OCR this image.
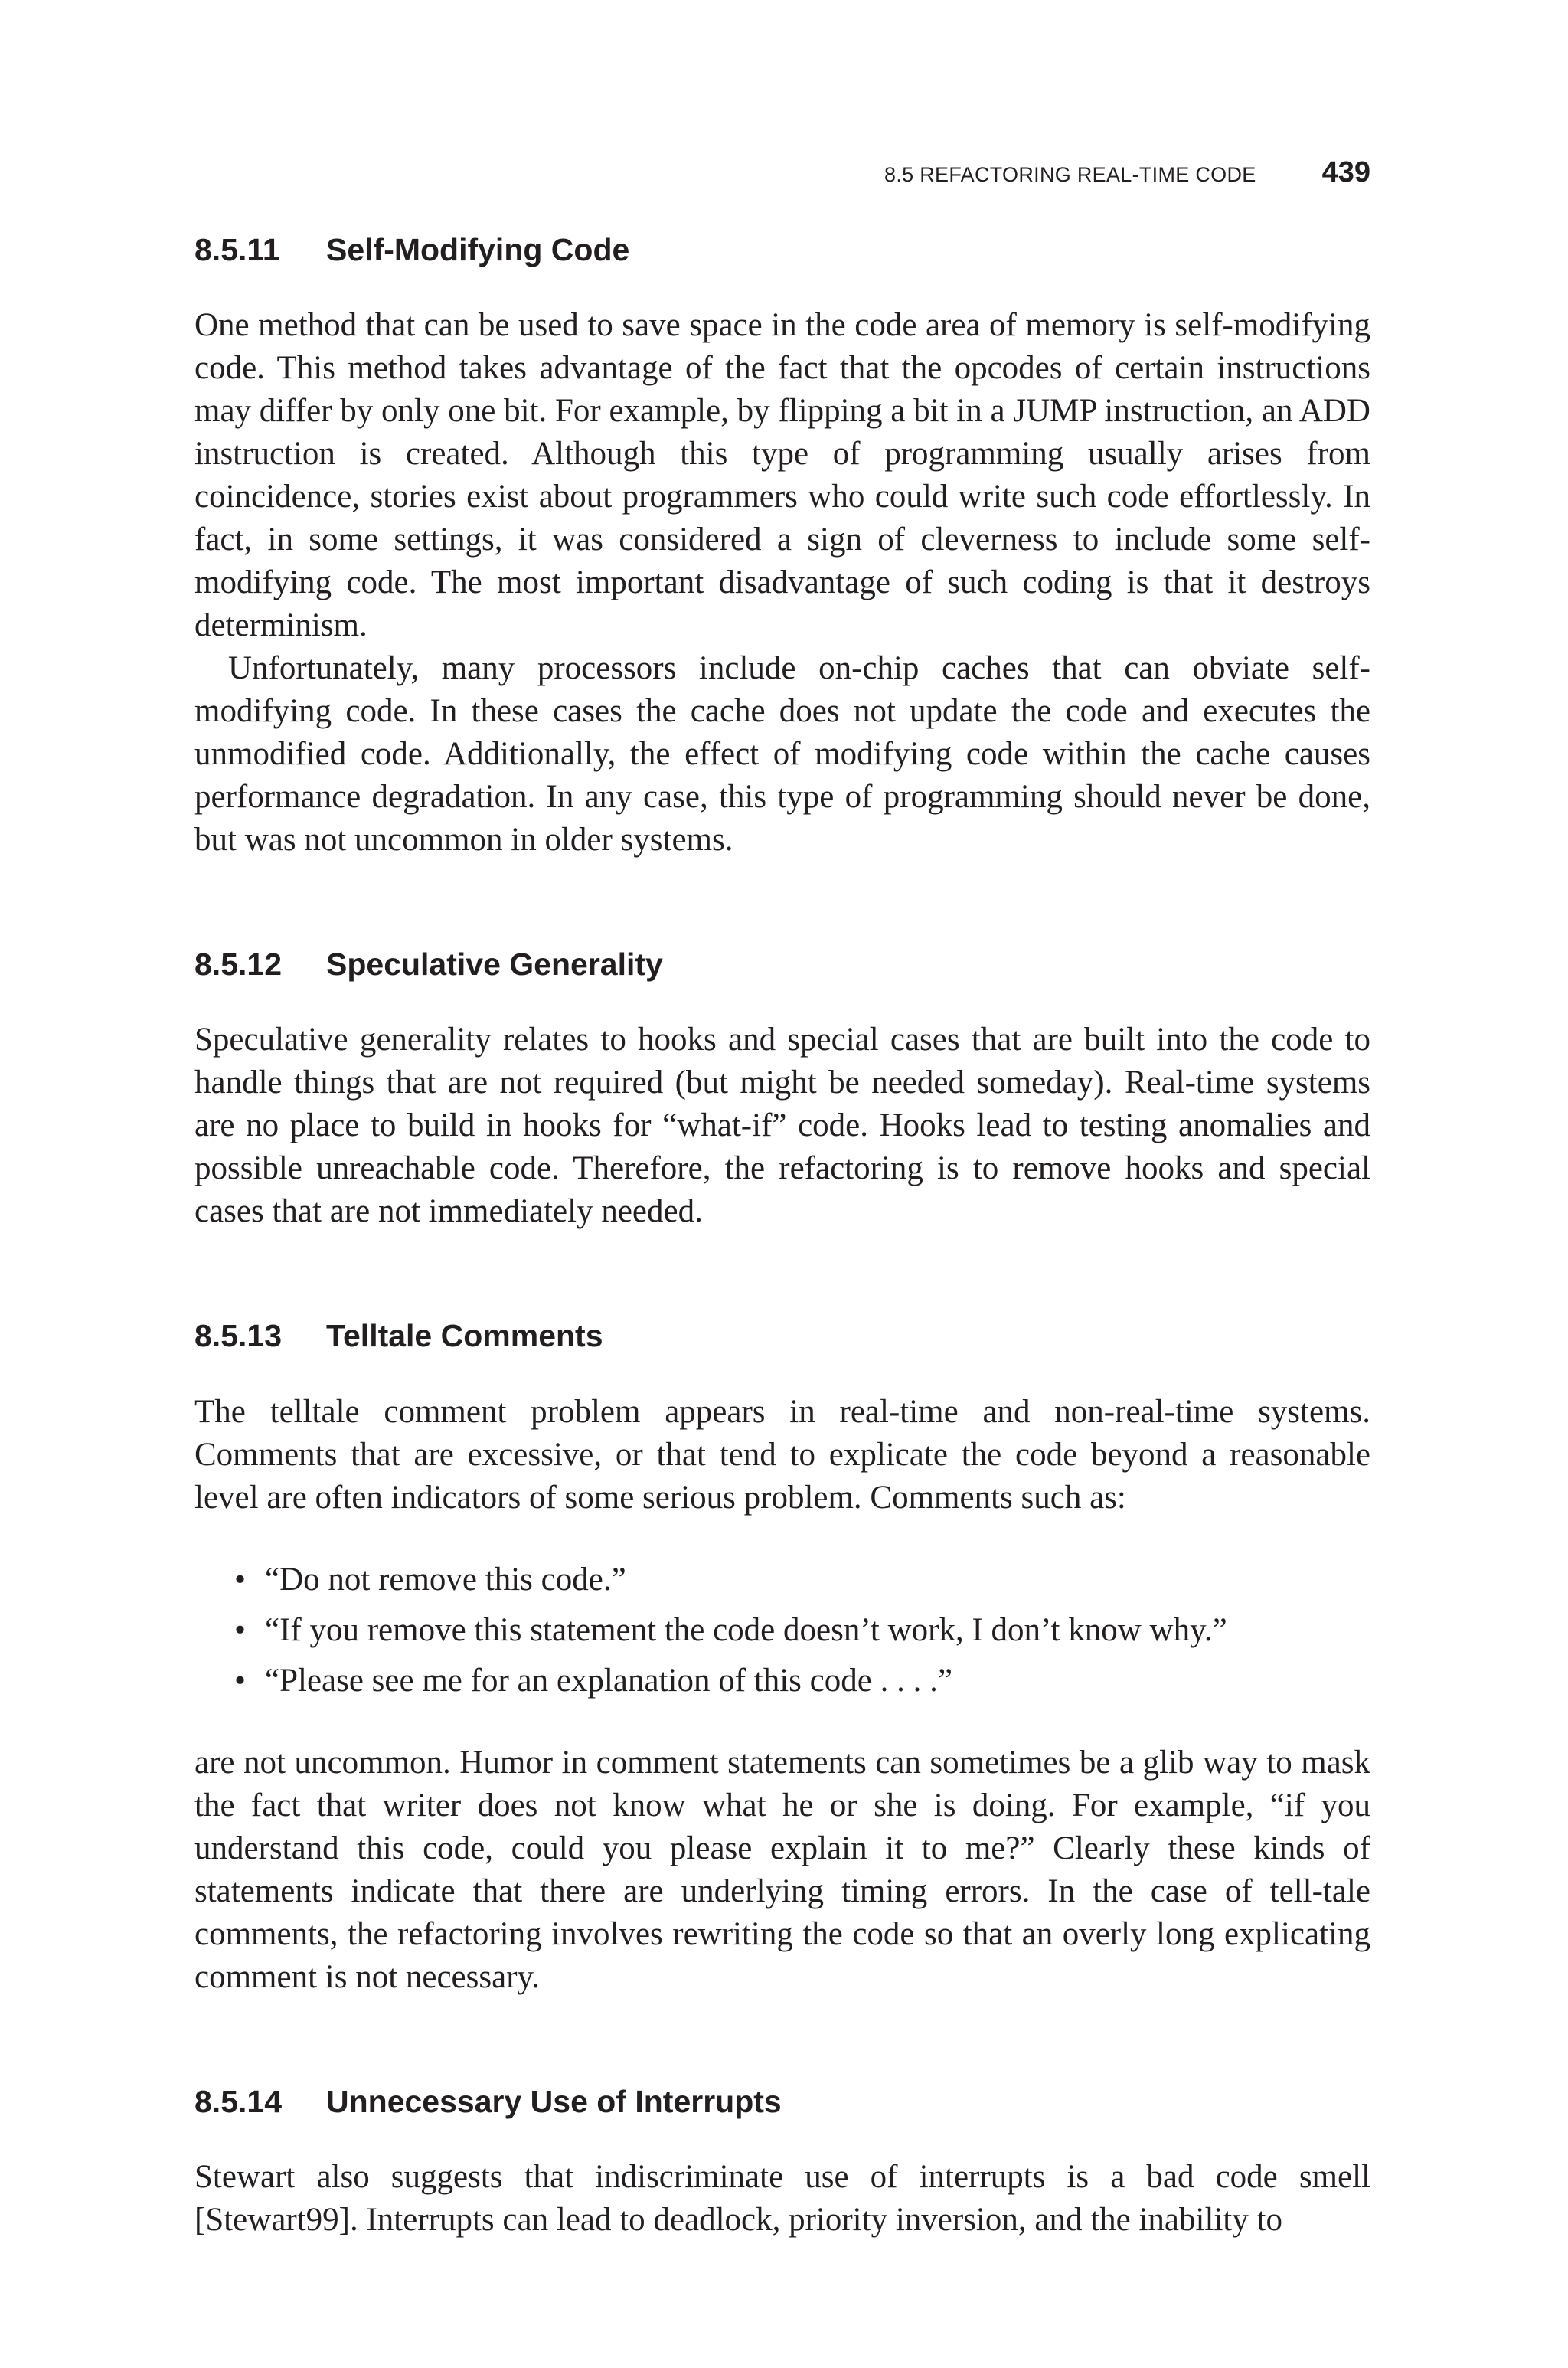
8.5 REFACTORING REAL-TIME CODE 439
8.5.11 Self-Modifying Code

One method that can be used to save space in the code area of memory is self-modifying code. This method takes advantage of the fact that the opcodes of certain instructions may differ by only one bit. For example, by flipping a bit in a JUMP instruction, an ADD instruction is created. Although this type of programming usually arises from coincidence, stories exist about programmers who could write such code effortlessly. In fact, in some settings, it was considered a sign of cleverness to include some self-modifying code. The most important disadvantage of such coding is that it destroys determinism.

Unfortunately, many processors include on-chip caches that can obviate self-modifying code. In these cases the cache does not update the code and executes the unmodified code. Additionally, the effect of modifying code within the cache causes performance degradation. In any case, this type of programming should never be done, but was not uncommon in older systems.

8.5.12 Speculative Generality

Speculative generality relates to hooks and special cases that are built into the code to handle things that are not required (but might be needed someday). Real-time systems are no place to build in hooks for “what-if” code. Hooks lead to testing anomalies and possible unreachable code. Therefore, the refactoring is to remove hooks and special cases that are not immediately needed.

8.5.13 Telltale Comments

The telltale comment problem appears in real-time and non-real-time systems. Comments that are excessive, or that tend to explicate the code beyond a reasonable level are often indicators of some serious problem. Comments such as:

• “Do not remove this code.”
• “If you remove this statement the code doesn’t work, I don’t know why.”
• “Please see me for an explanation of this code . . . .”

are not uncommon. Humor in comment statements can sometimes be a glib way to mask the fact that writer does not know what he or she is doing. For example, “if you understand this code, could you please explain it to me?” Clearly these kinds of statements indicate that there are underlying timing errors. In the case of tell-tale comments, the refactoring involves rewriting the code so that an overly long explicating comment is not necessary.

8.5.14 Unnecessary Use of Interrupts

Stewart also suggests that indiscriminate use of interrupts is a bad code smell [Stewart99]. Interrupts can lead to deadlock, priority inversion, and the inability to
